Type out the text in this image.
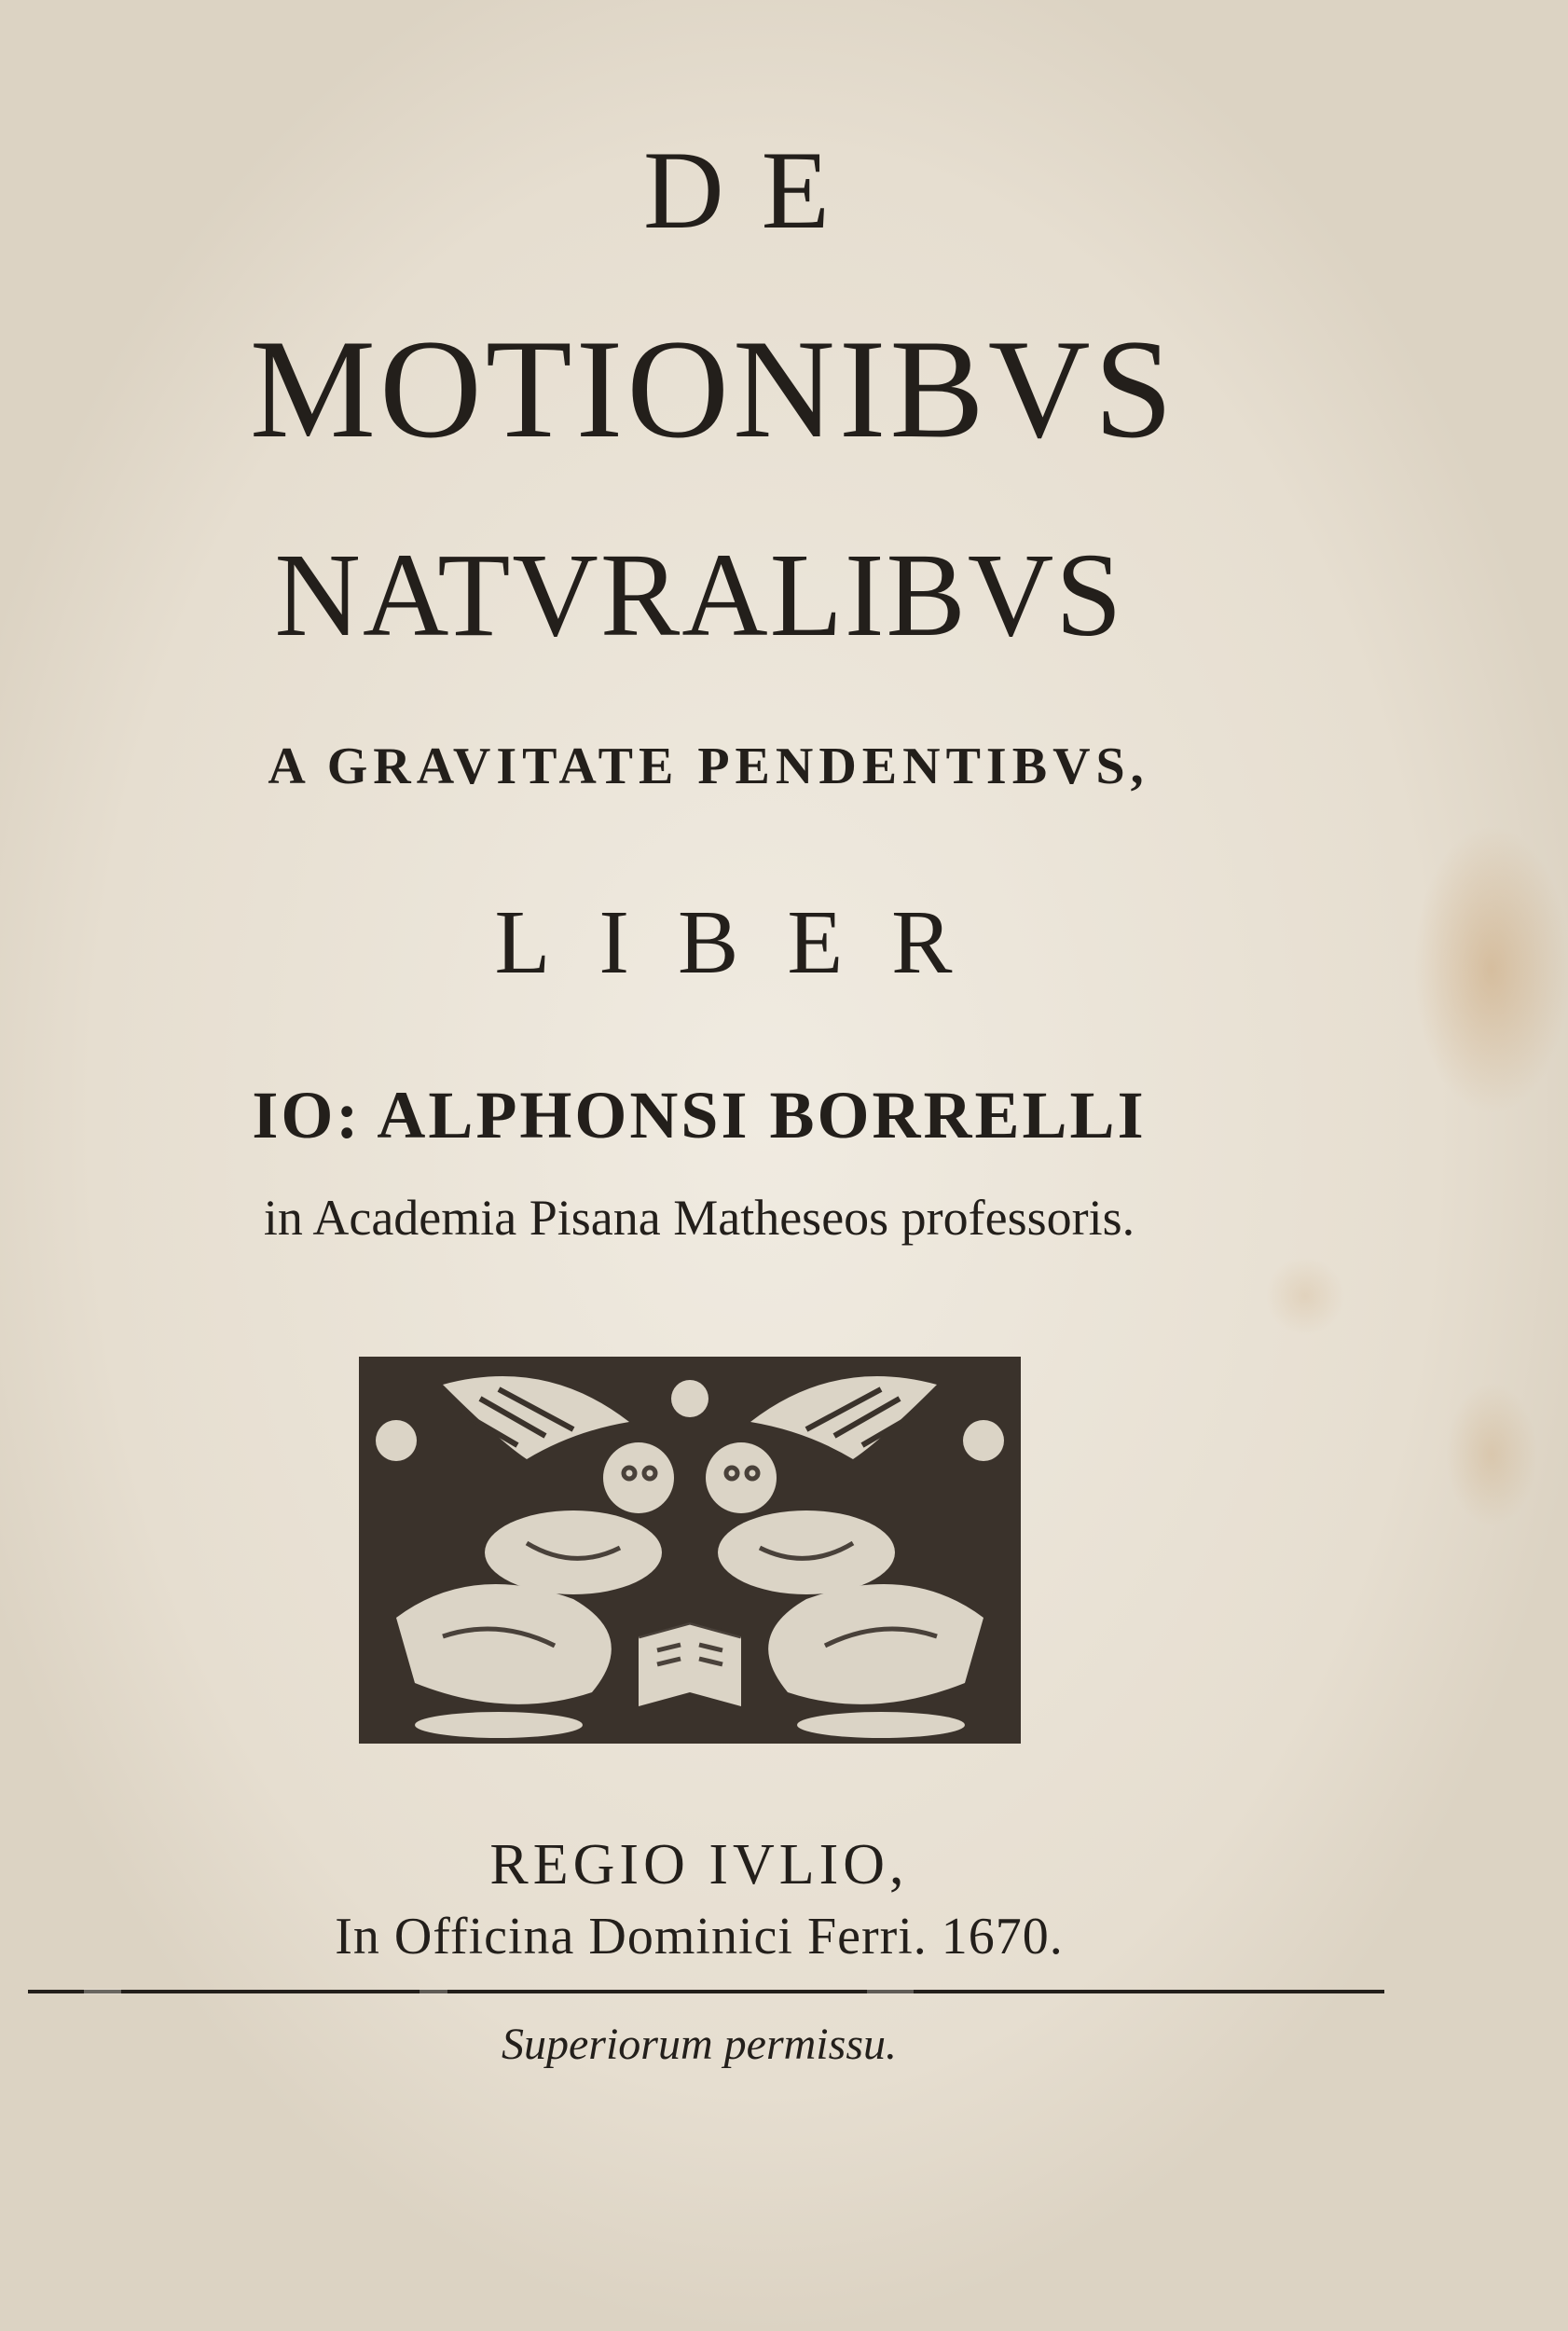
DE
MOTIONIBVS
NATVRALIBVS
A GRAVITATE PENDENTIBVS,
LIBER
IO: ALPHONSI BORRELLI
in Academia Pisana Matheseos professoris.
REGIO IVLIO,
In Officina Dominici Ferri. 1670.
Superiorum permissu.
